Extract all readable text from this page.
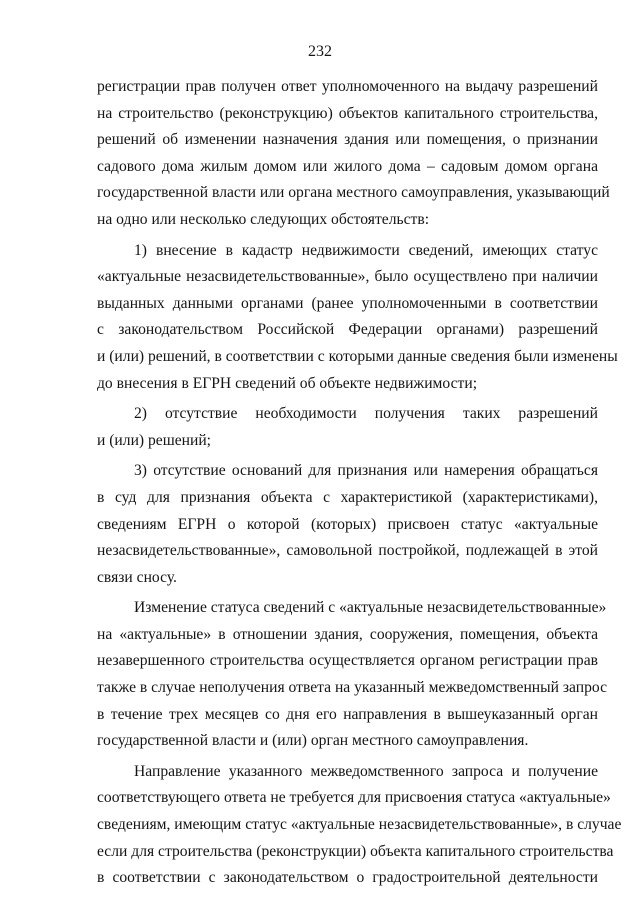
232
регистрации прав получен ответ уполномоченного на выдачу разрешений
на строительство (реконструкцию) объектов капитального строительства,
решений об изменении назначения здания или помещения, о признании
садового дома жилым домом или жилого дома – садовым домом органа
государственной власти или органа местного самоуправления, указывающий
на одно или несколько следующих обстоятельств:
1) внесение в кадастр недвижимости сведений, имеющих статус
«актуальные незасвидетельствованные», было осуществлено при наличии
выданных данными органами (ранее уполномоченными в соответствии
с законодательством Российской Федерации органами) разрешений
и (или) решений, в соответствии с которыми данные сведения были изменены
до внесения в ЕГРН сведений об объекте недвижимости;
2) отсутствие необходимости получения таких разрешений
и (или) решений;
3) отсутствие оснований для признания или намерения обращаться
в суд для признания объекта с характеристикой (характеристиками),
сведениям ЕГРН о которой (которых) присвоен статус «актуальные
незасвидетельствованные», самовольной постройкой, подлежащей в этой
связи сносу.
Изменение статуса сведений с «актуальные незасвидетельствованные»
на «актуальные» в отношении здания, сооружения, помещения, объекта
незавершенного строительства осуществляется органом регистрации прав
также в случае неполучения ответа на указанный межведомственный запрос
в течение трех месяцев со дня его направления в вышеуказанный орган
государственной власти и (или) орган местного самоуправления.
Направление указанного межведомственного запроса и получение
соответствующего ответа не требуется для присвоения статуса «актуальные»
сведениям, имеющим статус «актуальные незасвидетельствованные», в случае
если для строительства (реконструкции) объекта капитального строительства
в соответствии с законодательством о градостроительной деятельности
